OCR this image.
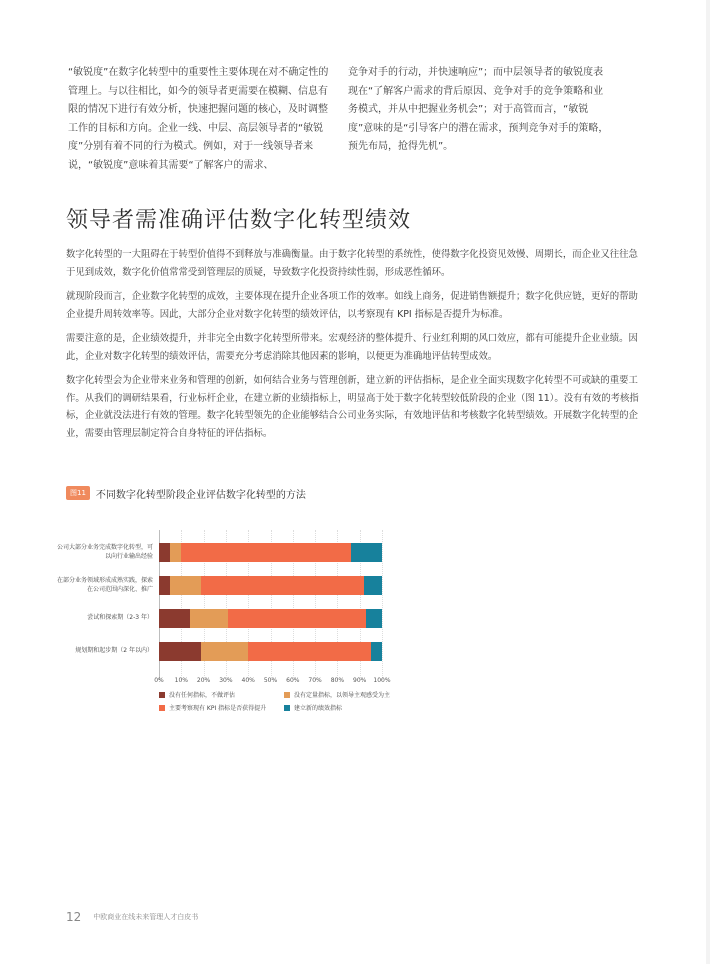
“敏锐度”在数字化转型中的重要性主要体现在对不确定性的管理上。与以往相比，如今的领导者更需要在模糊、信息有限的情况下进行有效分析，快速把握问题的核心，及时调整工作的目标和方向。企业一线、中层、高层领导者的“敏锐度”分别有着不同的行为模式。例如，对于一线领导者来说，“敏锐度”意味着其需要“了解客户的需求、

竞争对手的行动，并快速响应”；而中层领导者的敏锐度表现在“了解客户需求的背后原因、竞争对手的竞争策略和业务模式，并从中把握业务机会”；对于高管而言，“敏锐度”意味的是“引导客户的潜在需求，预判竞争对手的策略，预先布局，抢得先机”。

领导者需准确评估数字化转型绩效

数字化转型的一大阻碍在于转型价值得不到释放与准确衡量。由于数字化转型的系统性，使得数字化投资见效慢、周期长，而企业又往往急于见到成效，数字化价值常常受到管理层的质疑，导致数字化投资持续性弱，形成恶性循环。

就现阶段而言，企业数字化转型的成效，主要体现在提升企业各项工作的效率。如线上商务，促进销售额提升；数字化供应链，更好的帮助企业提升周转效率等。因此，大部分企业对数字化转型的绩效评估，以考察现有 KPI 指标是否提升为标准。

需要注意的是，企业绩效提升，并非完全由数字化转型所带来。宏观经济的整体提升、行业红利期的风口效应，都有可能提升企业业绩。因此，企业对数字化转型的绩效评估，需要充分考虑消除其他因素的影响，以便更为准确地评估转型成效。

数字化转型会为企业带来业务和管理的创新，如何结合业务与管理创新，建立新的评估指标，是企业全面实现数字化转型不可或缺的重要工作。从我们的调研结果看，行业标杆企业，在建立新的业绩指标上，明显高于处于数字化转型较低阶段的企业（图 11）。没有有效的考核指标，企业就没法进行有效的管理。数字化转型领先的企业能够结合公司业务实际，有效地评估和考核数字化转型绩效。开展数字化转型的企业，需要由管理层制定符合自身特征的评估指标。

图11	不同数字化转型阶段企业评估数字化转型的方法
0%	10%	20%	30%	40%	50%	60%	70%	80%	90%	100%
公司大部分业务完成数字化转型，可以向行业输出经验
在部分业务领域形成成熟实践，探索在公司范围内深化、推广
尝试和探索期（2-3 年）
规划期和起步期（2 年以内）
没有任何指标，不做评估	没有定量指标，以领导主观感受为主
主要考察现有 KPI 指标是否获得提升	建立新的绩效指标
12 中欧商业在线未来管理人才白皮书
